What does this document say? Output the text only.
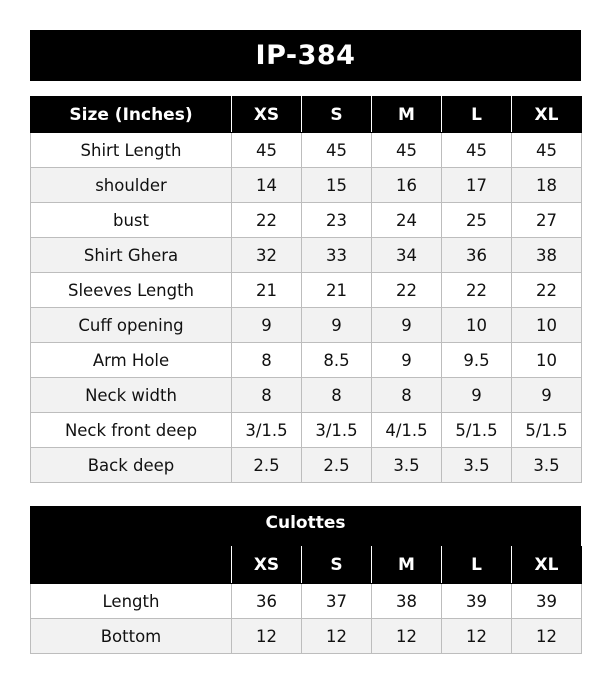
IP-384
Size (Inches)	XS	S	M	L	XL
Shirt Length	45	45	45	45	45
shoulder	14	15	16	17	18
bust	22	23	24	25	27
Shirt Ghera	32	33	34	36	38
Sleeves Length	21	21	22	22	22
Cuff opening	9	9	9	10	10
Arm Hole	8	8.5	9	9.5	10
Neck width	8	8	8	9	9
Neck front deep	3/1.5	3/1.5	4/1.5	5/1.5	5/1.5
Back deep	2.5	2.5	3.5	3.5	3.5
Culottes
	XS	S	M	L	XL
Length	36	37	38	39	39
Bottom	12	12	12	12	12
